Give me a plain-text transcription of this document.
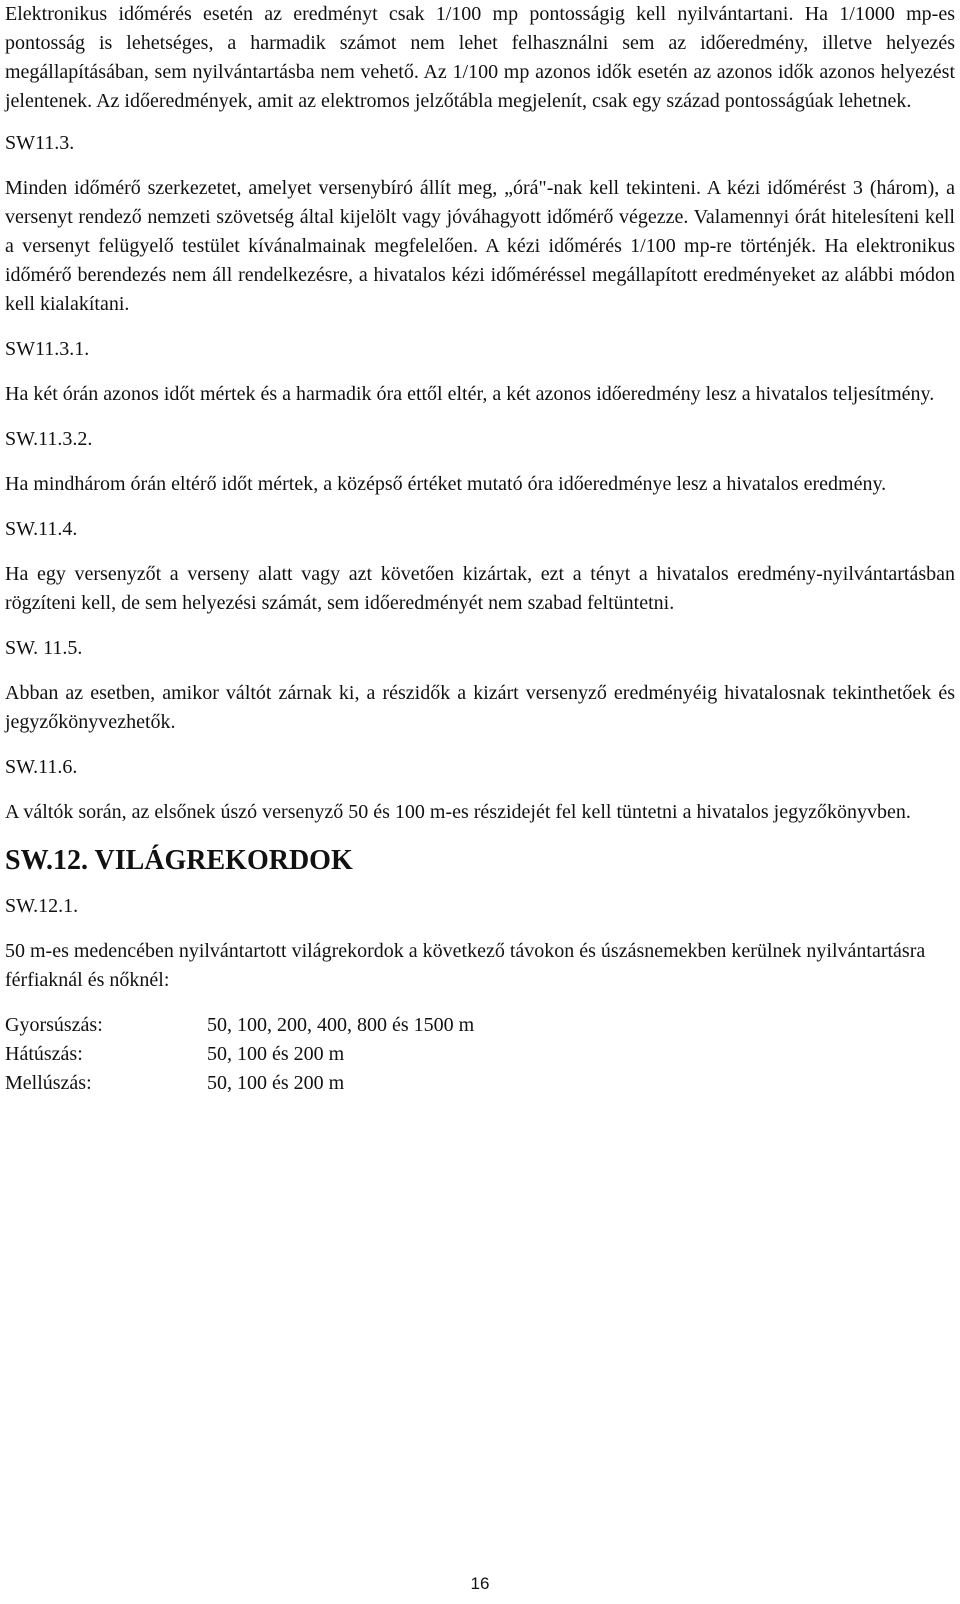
Elektronikus időmérés esetén az eredményt csak 1/100 mp pontosságig kell nyilvántartani. Ha 1/1000 mp-es pontosság is lehetséges, a harmadik számot nem lehet felhasználni sem az időeredmény, illetve helyezés megállapításában, sem nyilvántartásba nem vehető. Az 1/100 mp azonos idők esetén az azonos idők azonos helyezést jelentenek. Az időeredmények, amit az elektromos jelzőtábla megjelenít, csak egy század pontosságúak lehetnek.

SW11.3.

Minden időmérő szerkezetet, amelyet versenybíró állít meg, „órá"-nak kell tekinteni. A kézi időmérést 3 (három), a versenyt rendező nemzeti szövetség által kijelölt vagy jóváhagyott időmérő végezze. Valamennyi órát hitelesíteni kell a versenyt felügyelő testület kívánalmainak megfelelően. A kézi időmérés 1/100 mp-re történjék. Ha elektronikus időmérő berendezés nem áll rendelkezésre, a hivatalos kézi időméréssel megállapított eredményeket az alábbi módon kell kialakítani.

SW11.3.1.

Ha két órán azonos időt mértek és a harmadik óra ettől eltér, a két azonos időeredmény lesz a hivatalos teljesítmény.

SW.11.3.2.

Ha mindhárom órán eltérő időt mértek, a középső értéket mutató óra időeredménye lesz a hivatalos eredmény.

SW.11.4.

Ha egy versenyzőt a verseny alatt vagy azt követően kizártak, ezt a tényt a hivatalos eredmény-nyilvántartásban rögzíteni kell, de sem helyezési számát, sem időeredményét nem szabad feltüntetni.

SW. 11.5.

Abban az esetben, amikor váltót zárnak ki, a részidők a kizárt versenyző eredményéig hivatalosnak tekinthetőek és jegyzőkönyvezhetők.

SW.11.6.

A váltók során, az elsőnek úszó versenyző 50 és 100 m-es részidejét fel kell tüntetni a hivatalos jegyzőkönyvben.

SW.12. VILÁGREKORDOK

SW.12.1.

50 m-es medencében nyilvántartott világrekordok a következő távokon és úszásnemekben kerülnek nyilvántartásra férfiaknál és nőknél:

Gyorsúszás:	50, 100, 200, 400, 800 és 1500 m
Hátúszás:	50, 100 és 200 m
Mellúszás:	50, 100 és 200 m
16
